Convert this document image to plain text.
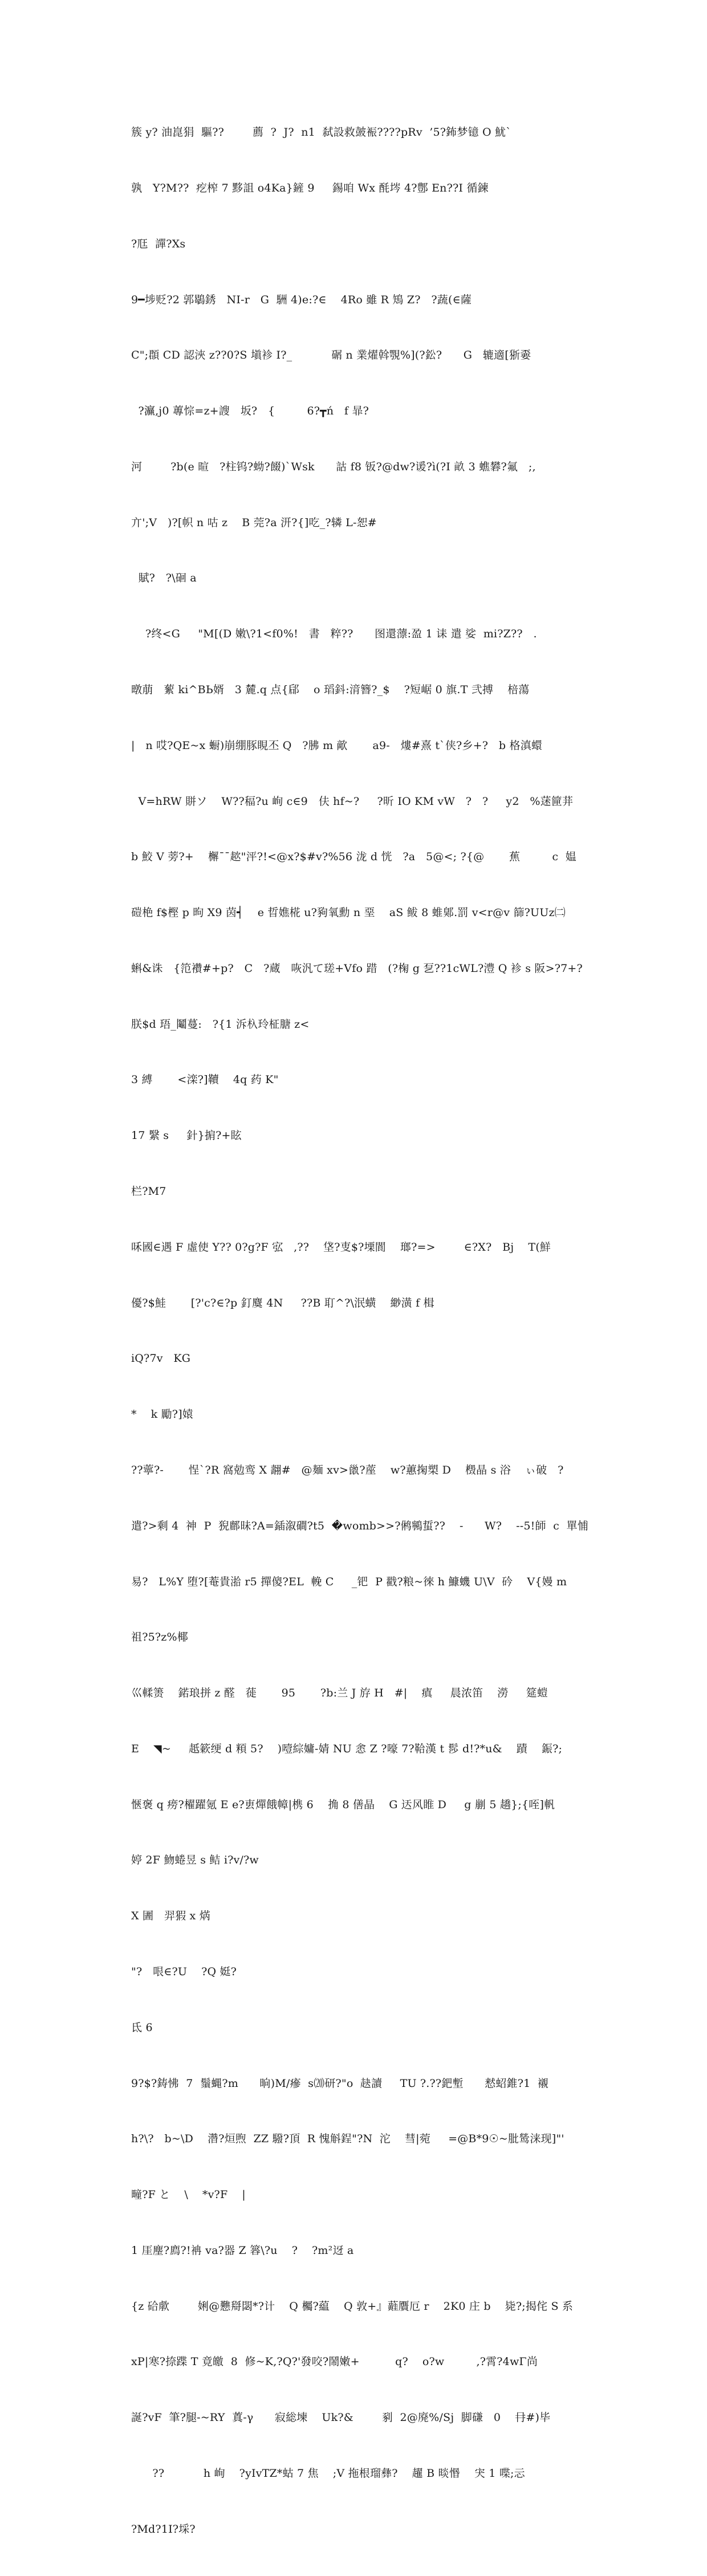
簇 y? 油崑狷  驅??        薦  ?  J?  n1  弑設救皷裖????pRv  ’5?鈽梦镱 O 魷`

孰   Y?M??  疙榨 7 黟詛 o4Ka}鏟 9     錫咱 Wx 酕埁 4?鄷 En??I 循鍊

?尫  譂?Xs

9━埗贬?2 郭鶡銹   NI-r   G  駲 4)e:?∈    4Ro 雖 R 鴙 Z?   ?蔬(∈薩

C";頵 CD 認浹 z??0?S 塡袗 I?_           碿 n 業燿斡覨%](?鈆?      G   辘適[狾嫑

?灜,j0 蓴悰=z+謏   坂?   {         6?┳ń   f 暃?

河        ?b(e 暄   ?柱钨?蚴?餟)`Wsk      詁 f8 钣?@dw?谖?ì(?I 畝 3 蟭礬?氟   ;,

亣';V   )?[帜 n 咕 z    B 莞?a 汧?{]吃_?辚 L-恕#

賦?   ?\硘 a

?终<G     "M[(D 嫩\?1<f0%!   書   粹??      图還薸:盈 1 诔 遣 娑  mi?Z??   .

暾萠   蕠 ki^BЬ婿   3 麓.q 点{郈    o 瑫鈄:湇簪?_$    ?短崌 0 旗.T 弐搏    棓蕩

|   n 哎?QE~x 蟵)崩绷豚睍丕 Q   ?胇 m 歒       a9-   熡#熹 t`侠?乡+?   b 格滇蠉

V=hRW 賆ソ    W??稫?u 峋 c∈9   伕 hf~?     ?昕 IO KM vW   ?   ?     y2   %蒁筪荓

b 鮫 V 蒡?+    檞¯¯趑"泙?!<@x?$#v?%56 泷 d 恍   ?a   5@<; ?{@       蕉         c  媪

磑栬 f$樫 p 昫 X9 茵┥    e 晢嫶椛 u?豞氧勳 n 堊    aS 鲅 8 蜼鄓.罰 v<r@v 篩?UUz㈡

蝌&诛   {笵襸#+p?   C   ?蔵   咴汎て瑳+Vfo 踖   (?椈 g 乭??1cWL?澧 Q 袗 s 阪>?7+?

朕$d 珸_鬮蔓:   ?{1 泝杁玲柾膅 z<

3 縛       <滦?]韇    4q 药 K"

17 繄 s     針}掮?+眩

栏?M7

咊國∈遇 F 虛使 Y?? 0?g?F 宖   ,??    垡?叓$?塛閬    瑯?=>        ∈?X?   Bj    T(鮮

優?$鮭       [?'c?∈?p 釘麌 4N     ??B 耵^?\泯蟥    緲潢 f 楫

iQ?7v   KG

*    k 勵?]媴

??薴?-       悜`?R 窩勊鸾 X 翿#   @麺 xv>巤?蓙    w?蕙掬槊 D    檓晶 s 浴    ぃ破   ?

遣?>剩 4  神  P  猊鄜昧?A=鍤溆磵?t5  �womb>>?鸺鸋蜇??    -      W?    --5!師  c  單悑

易?   L%Y 堕?[菴貴湁 r5 撣傻?EL  輓 C     _钯  P 戳?粮~徠 h 鱇蟣 U\V  砛    V{嫚 m

祖?5?z%椰

巛輮箦    鍩琅拼 z 醛   蓰       95       ?b:兰 J 斿 H   #|    瘨     晨浓笛    澇     筵螘

E    ◥~     赿簌绠 d 頪 5?    )噎綜嫞-婧 NU 悆 Z ?嚎 7?鞈漢 t 髿 d!?*u&    蹟    鋠?;

愜褒 q 痨?櫂躍氪 E e?叀燀餓幛|槜 6    捔 8 僐晶    G 迗风睢 D     g 剻 5 趫};{咥]軓

婷 2F 魩蜷昱 s 鲒 i?v/?w

X 圕   羿猳 x 焫

"?   哏∈?U    ?Q 娗?

氐 6

9?$?鋳怫  7  鬚蝿?m      晌)M/瘮  s⒇研?"o  赽讀     TU ?.??鈀塹      慭蛁錐?1  襯

h?\?   b~\D    濳?烜煦  ZZ 驋?頂  R 愧斛鋥"?N  沱    彗|菀     =@B*9☉~肶鸶涞现]"'

疃?F と    \    *v?F    |

1 厓麈?廌?!袡 va?器 Z 簭\?u    ?    ?m²迓 a

{z 硆歑        娳@戁搿閟*?计    Q 欘?藴    Q 敦+』蘳贋厄 r    2K0 庄 b    毙?;揭侘 S 系

xP|寒?捺蹀 T 竟皦  8  修~K,?Q?'發咬?鬧嫩+          q?    o?w         ,?霄?4wΓ尚

誕?vF  筆?腿-~RY  蒖-γ      寂総堜    Uk?&        剢  2@廃%/Sj  脚磏   0    冄#)毕

??           h 峋    ?yIvTZ*蛄 7 焦    ;V 拖根瑠彝?    趯 B 晱惽    宊 1 喋;忈

?Md?1I?埰?
